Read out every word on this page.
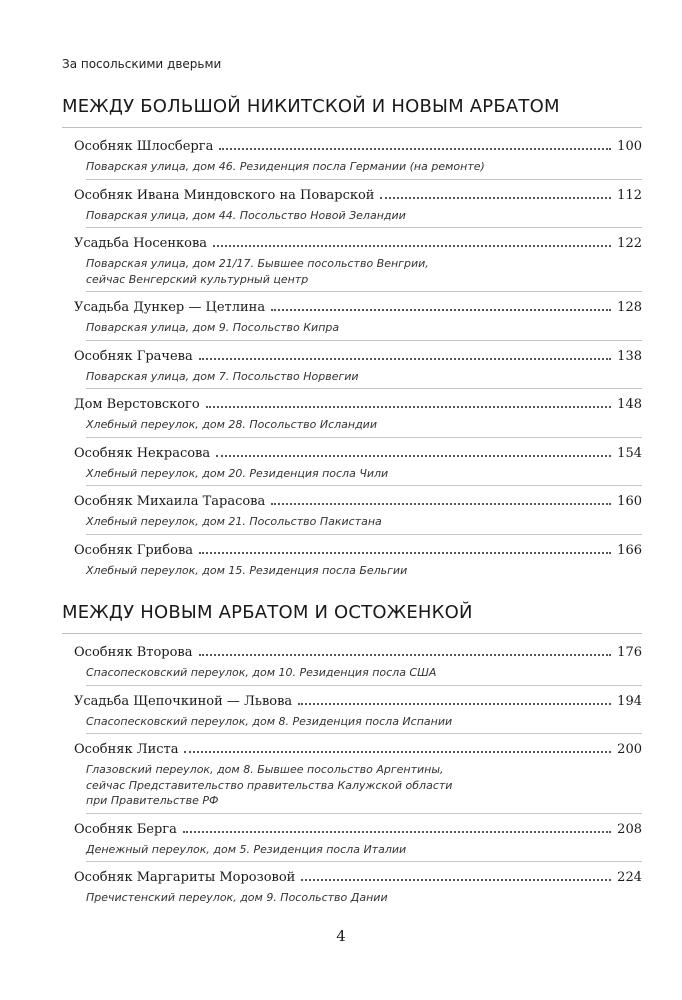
За посольскими дверьми
МЕЖДУ БОЛЬШОЙ НИКИТСКОЙ И НОВЫМ АРБАТОМ
Особняк Шлосберга	100
Поварская улица, дом 46. Резиденция посла Германии (на ремонте)
Особняк Ивана Миндовского на Поварской	112
Поварская улица, дом 44. Посольство Новой Зеландии
Усадьба Носенкова	122
Поварская улица, дом 21/17. Бывшее посольство Венгрии,
сейчас Венгерский культурный центр
Усадьба Дункер — Цетлина	128
Поварская улица, дом 9. Посольство Кипра
Особняк Грачева	138
Поварская улица, дом 7. Посольство Норвегии
Дом Верстовского	148
Хлебный переулок, дом 28. Посольство Исландии
Особняк Некрасова	154
Хлебный переулок, дом 20. Резиденция посла Чили
Особняк Михаила Тарасова	160
Хлебный переулок, дом 21. Посольство Пакистана
Особняк Грибова	166
Хлебный переулок, дом 15. Резиденция посла Бельгии
МЕЖДУ НОВЫМ АРБАТОМ И ОСТОЖЕНКОЙ
Особняк Второва	176
Спасопесковский переулок, дом 10. Резиденция посла США
Усадьба Щепочкиной — Львова	194
Спасопесковский переулок, дом 8. Резиденция посла Испании
Особняк Листа	200
Глазовский переулок, дом 8. Бывшее посольство Аргентины,
сейчас Представительство правительства Калужской области
при Правительстве РФ
Особняк Берга	208
Денежный переулок, дом 5. Резиденция посла Италии
Особняк Маргариты Морозовой	224
Пречистенский переулок, дом 9. Посольство Дании
4
